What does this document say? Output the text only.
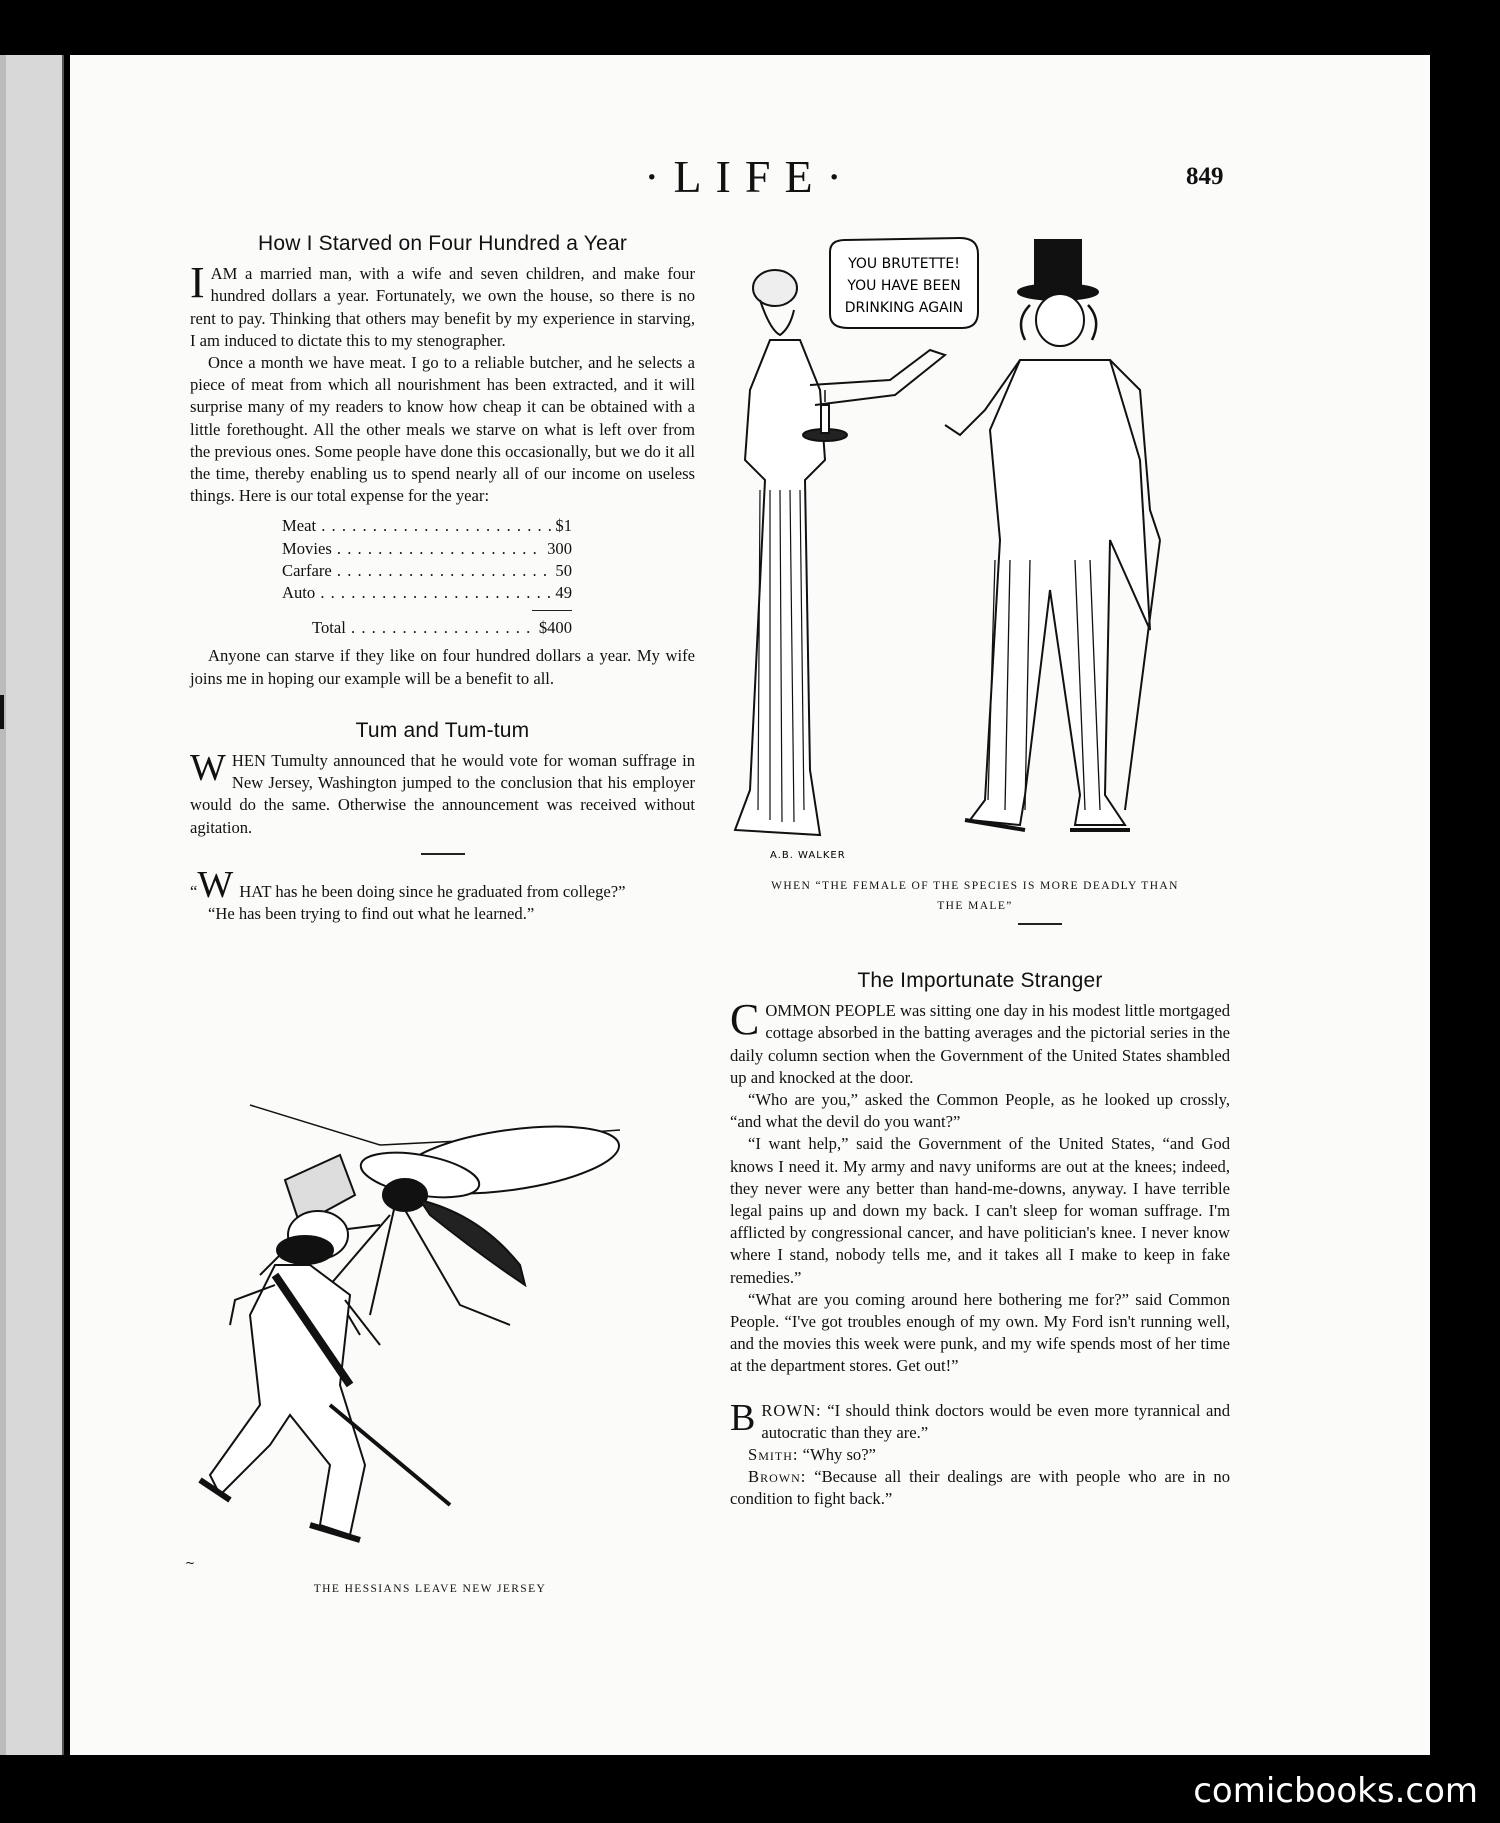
·LIFE·	849
How I Starved on Four Hundred a Year

IAM a married man, with a wife and seven children, and make four hundred dollars a year. Fortunately, we own the house, so there is no rent to pay. Thinking that others may benefit by my experience in starving, I am induced to dictate this to my stenographer.

Once a month we have meat. I go to a reliable butcher, and he selects a piece of meat from which all nourishment has been extracted, and it will surprise many of my readers to know how cheap it can be obtained with a little forethought. All the other meals we starve on what is left over from the previous ones. Some people have done this occasionally, but we do it all the time, thereby enabling us to spend nearly all of our income on useless things. Here is our total expense for the year:

Meat . . .	$1
Movies . . .	300
Carfare . . .	50
Auto . . .	49
Total . . .	$400

Anyone can starve if they like on four hundred dollars a year. My wife joins me in hoping our example will be a benefit to all.

Tum and Tum-tum

WHEN Tumulty announced that he would vote for woman suffrage in New Jersey, Washington jumped to the conclusion that his employer would do the same. Otherwise the announcement was received without agitation.

“W HAT has he been doing since he graduated from college?”

“He has been trying to find out what he learned.”

YOU BRUTETTE!
YOU HAVE BEEN
DRINKING AGAIN
A.B. WALKER
WHEN “THE FEMALE OF THE SPECIES IS MORE DEADLY THAN
THE MALE”
The Importunate Stranger

COMMON PEOPLE was sitting one day in his modest little mortgaged cottage absorbed in the batting averages and the pictorial series in the daily column section when the Government of the United States shambled up and knocked at the door.

“Who are you,” asked the Common People, as he looked up crossly, “and what the devil do you want?”

“I want help,” said the Government of the United States, “and God knows I need it. My army and navy uniforms are out at the knees; indeed, they never were any better than hand-me-downs, anyway. I have terrible legal pains up and down my back. I can't sleep for woman suffrage. I'm afflicted by congressional cancer, and have politician's knee. I never know where I stand, nobody tells me, and it takes all I make to keep in fake remedies.”

“What are you coming around here bothering me for?” said Common People. “I've got troubles enough of my own. My Ford isn't running well, and the movies this week were punk, and my wife spends most of her time at the department stores. Get out!”

BROWN: “I should think doctors would be even more tyrannical and autocratic than they are.”

Smith: “Why so?”

Brown: “Because all their dealings are with people who are in no condition to fight back.”

~
THE HESSIANS LEAVE NEW JERSEY
comicbooks.com
